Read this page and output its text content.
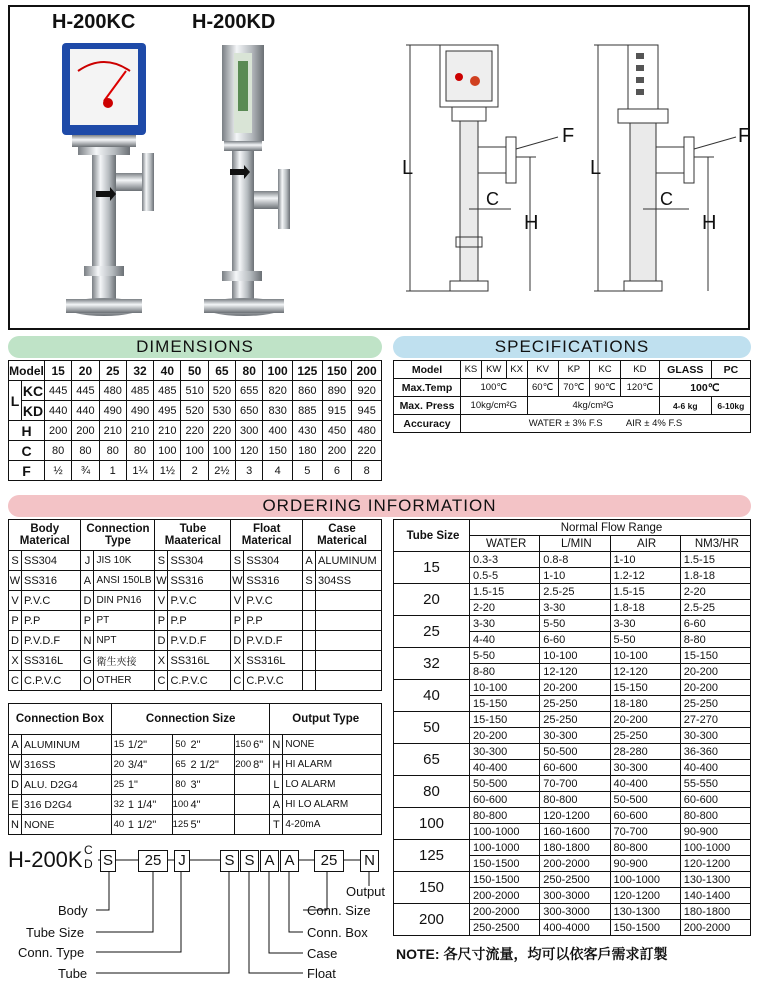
H-200KC	H-200KD
L	L
H	H
C	C
F	F
DIMENSIONS
Model		15	20	25	32	40	50	65	80	100	125	150	200
L	KC	445	445	480	485	485	510	520	655	820	860	890	920
	KD	440	440	490	490	495	520	530	650	830	885	915	945
H		200	200	210	210	210	220	220	300	400	430	450	480
C		80	80	80	80	100	100	100	120	150	180	200	220
F		½	¾	1	1¼	1½	2	2½	3	4	5	6	8
SPECIFICATIONS
Model	KS	KW	KX	KV	KP	KC	KD	GLASS	PC
Max.Temp	100℃			60℃	70℃	90℃	120℃	100℃	
Max. Press	10kg/cm²G			4kg/cm²G				4-6 kg	6-10kg
Accuracy	WATER ± 3% F.S AIR ± 4% F.S								
ORDERING INFORMATION
Body Materical		Connection Type		Tube Maaterical		Float Materical		Case Materical	
S	SS304	J	JIS 10K	S	SS304	S	SS304	A	ALUMINUM
W	SS316	A	ANSI 150LB	W	SS316	W	SS316	S	304SS
V	P.V.C	D	DIN PN16	V	P.V.C	V	P.V.C		
P	P.P	P	PT	P	P.P	P	P.P		
D	P.V.D.F	N	NPT	D	P.V.D.F	D	P.V.D.F		
X	SS316L	G	衛生夾接	X	SS316L	X	SS316L		
C	C.P.V.C	O	OTHER	C	C.P.V.C	C	C.P.V.C		
Connection Box		Connection Size						Output Type	
A	ALUMINUM	15	1/2"	50	2"	150	6"	N	NONE
W	316SS	20	3/4"	65	2 1/2"	200	8"	H	HI ALARM
D	ALU. D2G4	25	1"	80	3"			L	LO ALARM
E	316 D2G4	32	1 1/4"	100	4"			A	HI LO ALARM
N	NONE	40	1 1/2"	125	5"			T	4-20mA
Tube Size	Normal Flow Range			
	WATER	L/MIN	AIR	NM3/HR
15	0.3-3	0.8-8	1-10	1.5-15
	0.5-5	1-10	1.2-12	1.8-18
20	1.5-15	2.5-25	1.5-15	2-20
	2-20	3-30	1.8-18	2.5-25
25	3-30	5-50	3-30	6-60
	4-40	6-60	5-50	8-80
32	5-50	10-100	10-100	15-150
	8-80	12-120	12-120	20-200
40	10-100	20-200	15-150	20-200
	15-150	25-250	18-180	25-250
50	15-150	25-250	20-200	27-270
	20-200	30-300	25-250	30-300
65	30-300	50-500	28-280	36-360
	40-400	60-600	30-300	40-400
80	50-500	70-700	40-400	55-550
	60-600	80-800	50-500	60-600
100	80-800	120-1200	60-600	80-800
	100-1000	160-1600	70-700	90-900
125	100-1000	180-1800	80-800	100-1000
	150-1500	200-2000	90-900	120-1200
150	150-1500	250-2500	100-1000	130-1300
	200-2000	300-3000	120-1200	140-1400
200	200-2000	300-3000	130-1300	180-1800
	250-2500	400-4000	150-1500	200-2000
H-200K C
D S	25	J	S S A A	25	N
Body
Tube Size
Conn. Type
Tube	Float
Case
Conn. Box
Conn. Size
Output
NOTE: 各尺寸流量，均可以依客戶需求訂製
